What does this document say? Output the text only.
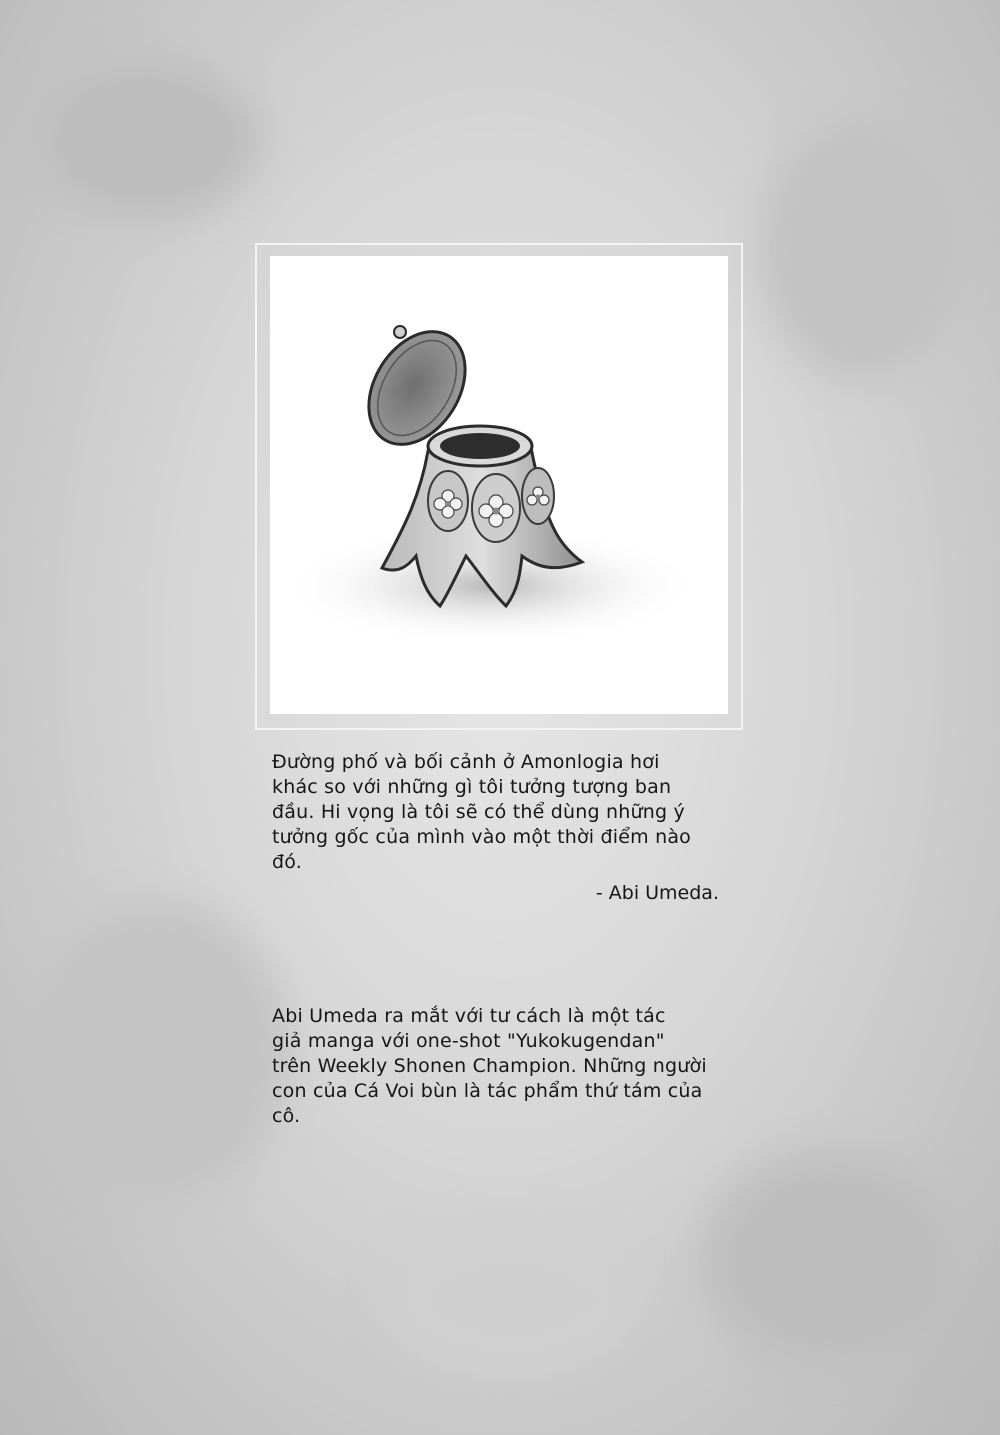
Đường phố và bối cảnh ở Amonlogia hơi
khác so với những gì tôi tưởng tượng ban
đầu. Hi vọng là tôi sẽ có thể dùng những ý
tưởng gốc của mình vào một thời điểm nào
đó.
- Abi Umeda.
Abi Umeda ra mắt với tư cách là một tác
giả manga với one-shot "Yukokugendan"
trên Weekly Shonen Champion. Những người
con của Cá Voi bùn là tác phẩm thứ tám của
cô.
